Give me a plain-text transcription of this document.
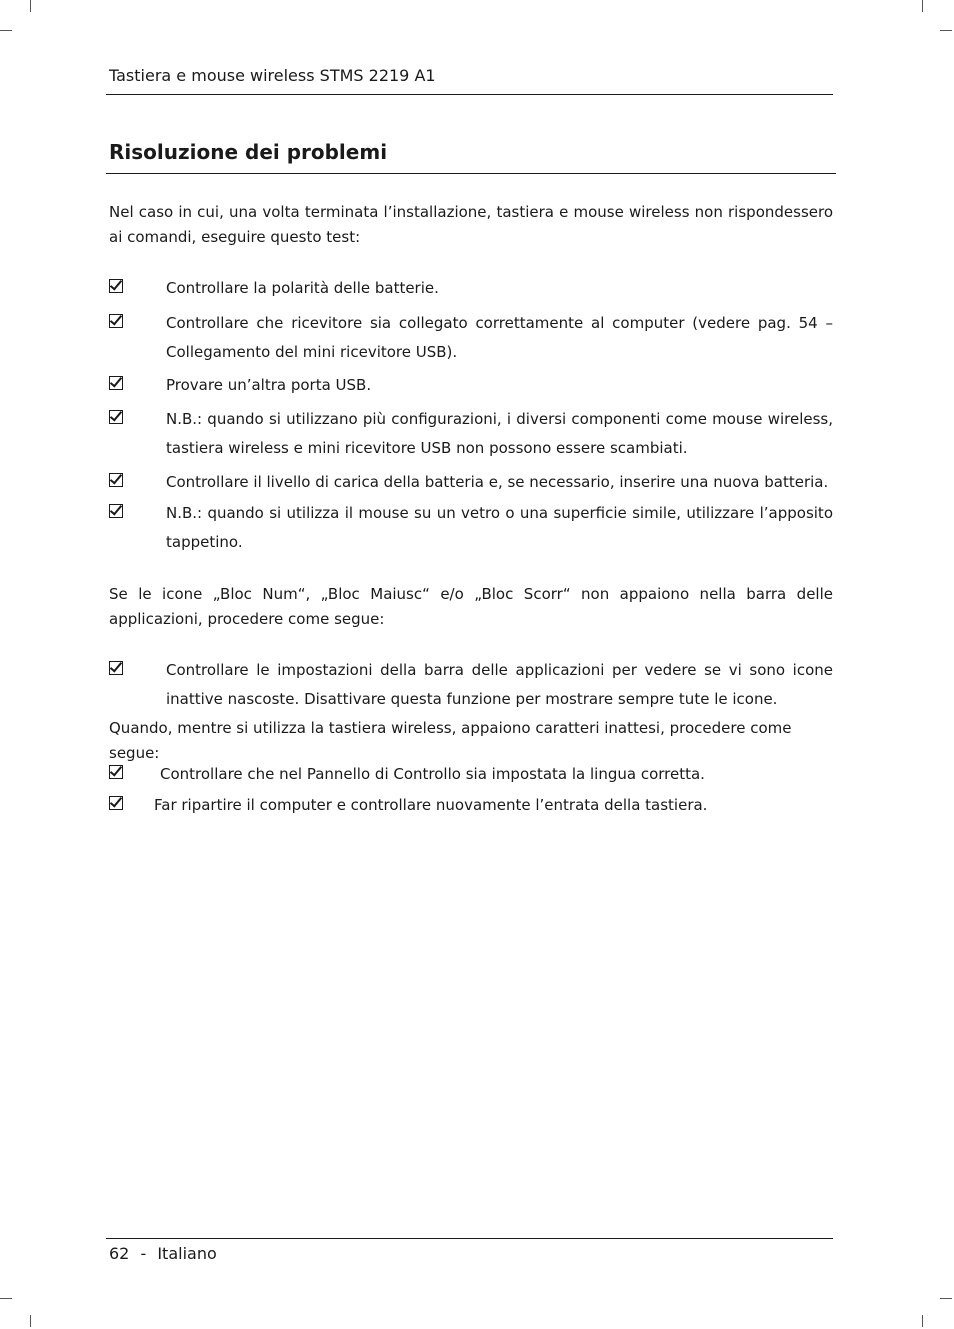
Tastiera e mouse wireless STMS 2219 A1
Risoluzione dei problemi
Nel caso in cui, una volta terminata l’installazione, tastiera e mouse wireless non rispondessero ai comandi, eseguire questo test:
Controllare la polarità delle batterie.
Controllare che ricevitore sia collegato correttamente al computer (vedere pag. 54 – Collegamento del mini ricevitore USB).
Provare un’altra porta USB.
N.B.: quando si utilizzano più configurazioni, i diversi componenti come mouse wireless, tastiera wireless e mini ricevitore USB non possono essere scambiati.
Controllare il livello di carica della batteria e, se necessario, inserire una nuova batteria.
N.B.: quando si utilizza il mouse su un vetro o una superficie simile, utilizzare l’apposito tappetino.
Se le icone „Bloc Num“, „Bloc Maiusc“ e/o „Bloc Scorr“ non appaiono nella barra delle applicazioni, procedere come segue:
Controllare le impostazioni della barra delle applicazioni per vedere se vi sono icone inattive nascoste. Disattivare questa funzione per mostrare sempre tute le icone.
Quando, mentre si utilizza la tastiera wireless, appaiono caratteri inattesi, procedere come segue:
Controllare che nel Pannello di Controllo sia impostata la lingua corretta.
Far ripartire il computer e controllare nuovamente l’entrata della tastiera.
62 - Italiano
